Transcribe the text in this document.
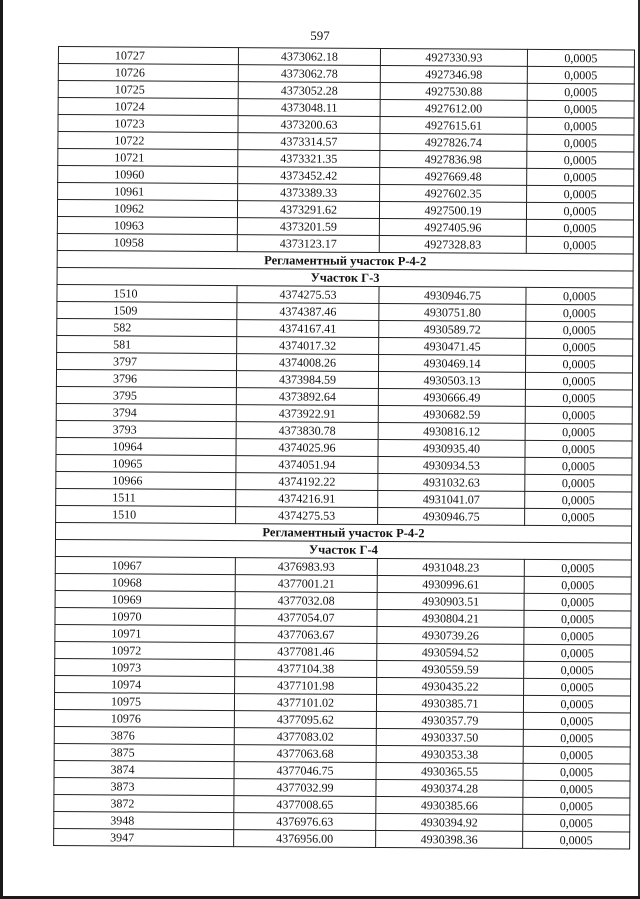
597
10727	4373062.18	4927330.93	0,0005
10726	4373062.78	4927346.98	0,0005
10725	4373052.28	4927530.88	0,0005
10724	4373048.11	4927612.00	0,0005
10723	4373200.63	4927615.61	0,0005
10722	4373314.57	4927826.74	0,0005
10721	4373321.35	4927836.98	0,0005
10960	4373452.42	4927669.48	0,0005
10961	4373389.33	4927602.35	0,0005
10962	4373291.62	4927500.19	0,0005
10963	4373201.59	4927405.96	0,0005
10958	4373123.17	4927328.83	0,0005
Регламентный участок Р-4-2			
Участок Г-3			
1510	4374275.53	4930946.75	0,0005
1509	4374387.46	4930751.80	0,0005
582	4374167.41	4930589.72	0,0005
581	4374017.32	4930471.45	0,0005
3797	4374008.26	4930469.14	0,0005
3796	4373984.59	4930503.13	0,0005
3795	4373892.64	4930666.49	0,0005
3794	4373922.91	4930682.59	0,0005
3793	4373830.78	4930816.12	0,0005
10964	4374025.96	4930935.40	0,0005
10965	4374051.94	4930934.53	0,0005
10966	4374192.22	4931032.63	0,0005
1511	4374216.91	4931041.07	0,0005
1510	4374275.53	4930946.75	0,0005
Регламентный участок Р-4-2			
Участок Г-4			
10967	4376983.93	4931048.23	0,0005
10968	4377001.21	4930996.61	0,0005
10969	4377032.08	4930903.51	0,0005
10970	4377054.07	4930804.21	0,0005
10971	4377063.67	4930739.26	0,0005
10972	4377081.46	4930594.52	0,0005
10973	4377104.38	4930559.59	0,0005
10974	4377101.98	4930435.22	0,0005
10975	4377101.02	4930385.71	0,0005
10976	4377095.62	4930357.79	0,0005
3876	4377083.02	4930337.50	0,0005
3875	4377063.68	4930353.38	0,0005
3874	4377046.75	4930365.55	0,0005
3873	4377032.99	4930374.28	0,0005
3872	4377008.65	4930385.66	0,0005
3948	4376976.63	4930394.92	0,0005
3947	4376956.00	4930398.36	0,0005
